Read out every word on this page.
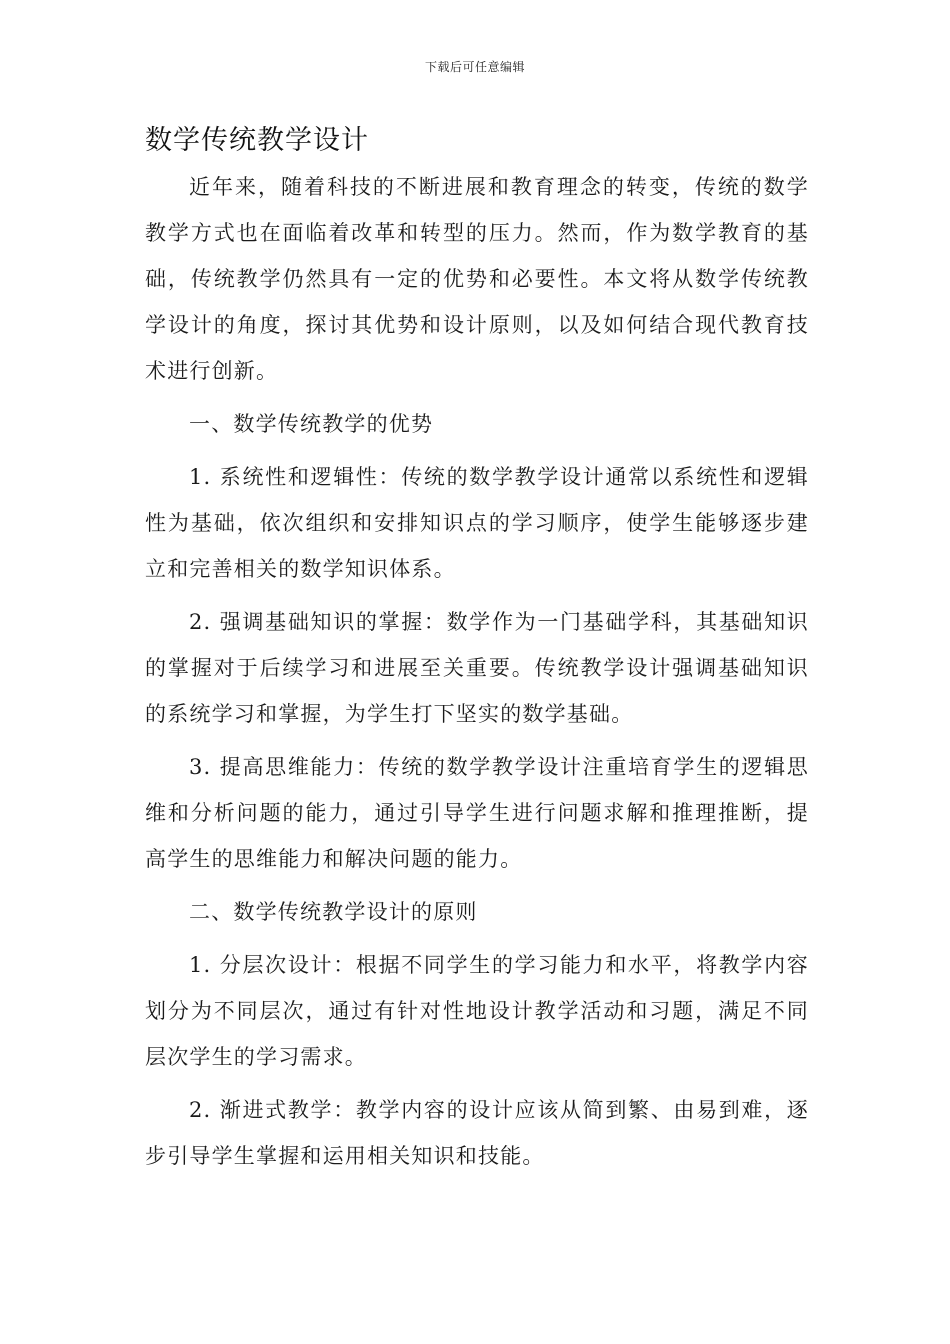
下载后可任意编辑
数学传统教学设计

近年来，随着科技的不断进展和教育理念的转变，传统的数学教学方式也在面临着改革和转型的压力。然而，作为数学教育的基础，传统教学仍然具有一定的优势和必要性。本文将从数学传统教学设计的角度，探讨其优势和设计原则，以及如何结合现代教育技术进行创新。

一、数学传统教学的优势

1. 系统性和逻辑性：传统的数学教学设计通常以系统性和逻辑性为基础，依次组织和安排知识点的学习顺序，使学生能够逐步建立和完善相关的数学知识体系。

2. 强调基础知识的掌握：数学作为一门基础学科，其基础知识的掌握对于后续学习和进展至关重要。传统教学设计强调基础知识的系统学习和掌握，为学生打下坚实的数学基础。

3. 提高思维能力：传统的数学教学设计注重培育学生的逻辑思维和分析问题的能力，通过引导学生进行问题求解和推理推断，提高学生的思维能力和解决问题的能力。

二、数学传统教学设计的原则

1. 分层次设计：根据不同学生的学习能力和水平，将教学内容划分为不同层次，通过有针对性地设计教学活动和习题，满足不同层次学生的学习需求。

2. 渐进式教学：教学内容的设计应该从简到繁、由易到难，逐步引导学生掌握和运用相关知识和技能。
